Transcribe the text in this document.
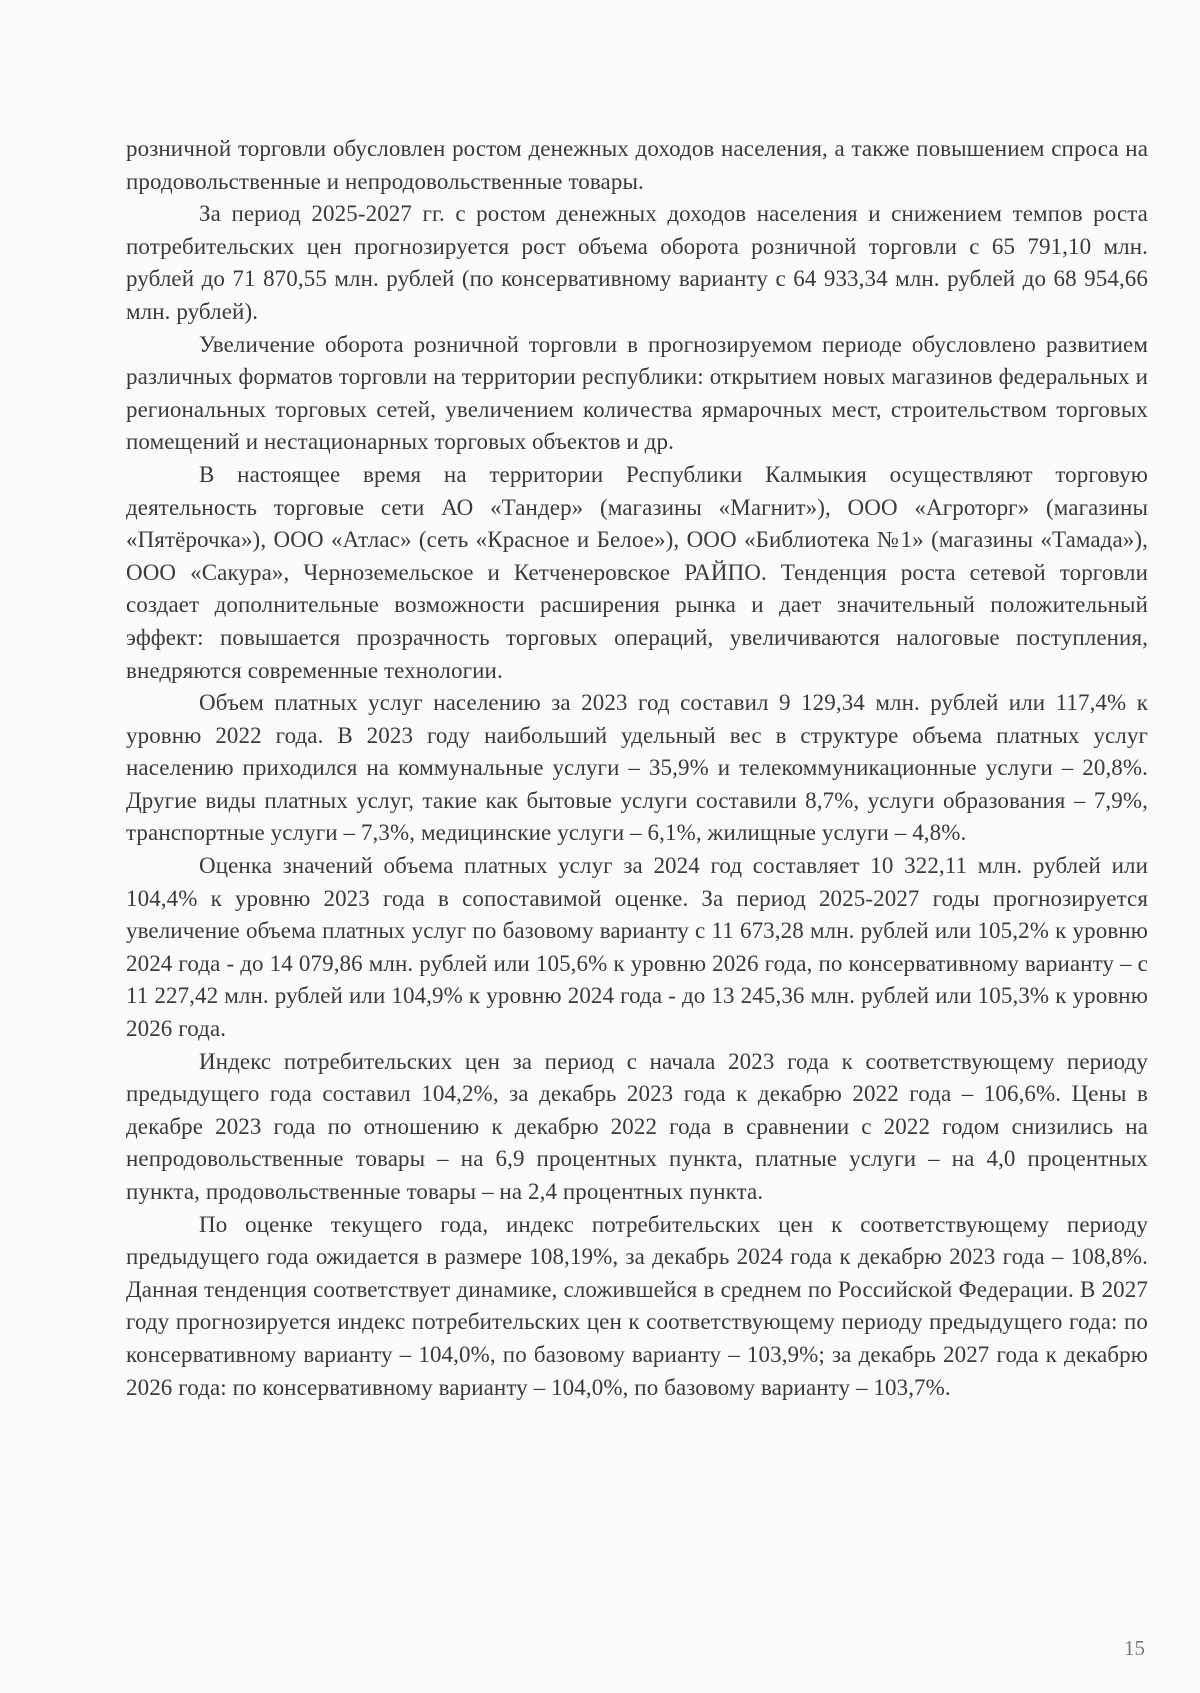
розничной торговли обусловлен ростом денежных доходов населения, а также повышением спроса на продовольственные и непродовольственные товары.

За период 2025-2027 гг. с ростом денежных доходов населения и снижением темпов роста потребительских цен прогнозируется рост объема оборота розничной торговли с 65 791,10 млн. рублей до 71 870,55 млн. рублей (по консервативному варианту с 64 933,34 млн. рублей до 68 954,66 млн. рублей).

Увеличение оборота розничной торговли в прогнозируемом периоде обусловлено развитием различных форматов торговли на территории республики: открытием новых магазинов федеральных и региональных торговых сетей, увеличением количества ярмарочных мест, строительством торговых помещений и нестационарных торговых объектов и др.

В настоящее время на территории Республики Калмыкия осуществляют торговую деятельность торговые сети АО «Тандер» (магазины «Магнит»), ООО «Агроторг» (магазины «Пятёрочка»), ООО «Атлас» (сеть «Красное и Белое»), ООО «Библиотека №1» (магазины «Тамада»), ООО «Сакура», Черноземельское и Кетченеровское РАЙПО. Тенденция роста сетевой торговли создает дополнительные возможности расширения рынка и дает значительный положительный эффект: повышается прозрачность торговых операций, увеличиваются налоговые поступления, внедряются современные технологии.

Объем платных услуг населению за 2023 год составил 9 129,34 млн. рублей или 117,4% к уровню 2022 года. В 2023 году наибольший удельный вес в структуре объема платных услуг населению приходился на коммунальные услуги – 35,9% и телекоммуникационные услуги – 20,8%. Другие виды платных услуг, такие как бытовые услуги составили 8,7%, услуги образования – 7,9%, транспортные услуги – 7,3%, медицинские услуги – 6,1%, жилищные услуги – 4,8%.

Оценка значений объема платных услуг за 2024 год составляет 10 322,11 млн. рублей или 104,4% к уровню 2023 года в сопоставимой оценке. За период 2025-2027 годы прогнозируется увеличение объема платных услуг по базовому варианту с 11 673,28 млн. рублей или 105,2% к уровню 2024 года - до 14 079,86 млн. рублей или 105,6% к уровню 2026 года, по консервативному варианту – с 11 227,42 млн. рублей или 104,9% к уровню 2024 года - до 13 245,36 млн. рублей или 105,3% к уровню 2026 года.

Индекс потребительских цен за период с начала 2023 года к соответствующему периоду предыдущего года составил 104,2%, за декабрь 2023 года к декабрю 2022 года – 106,6%. Цены в декабре 2023 года по отношению к декабрю 2022 года в сравнении с 2022 годом снизились на непродовольственные товары – на 6,9 процентных пункта, платные услуги – на 4,0 процентных пункта, продовольственные товары – на 2,4 процентных пункта.

По оценке текущего года, индекс потребительских цен к соответствующему периоду предыдущего года ожидается в размере 108,19%, за декабрь 2024 года к декабрю 2023 года – 108,8%. Данная тенденция соответствует динамике, сложившейся в среднем по Российской Федерации. В 2027 году прогнозируется индекс потребительских цен к соответствующему периоду предыдущего года: по консервативному варианту – 104,0%, по базовому варианту – 103,9%; за декабрь 2027 года к декабрю 2026 года: по консервативному варианту – 104,0%, по базовому варианту – 103,7%.

15
